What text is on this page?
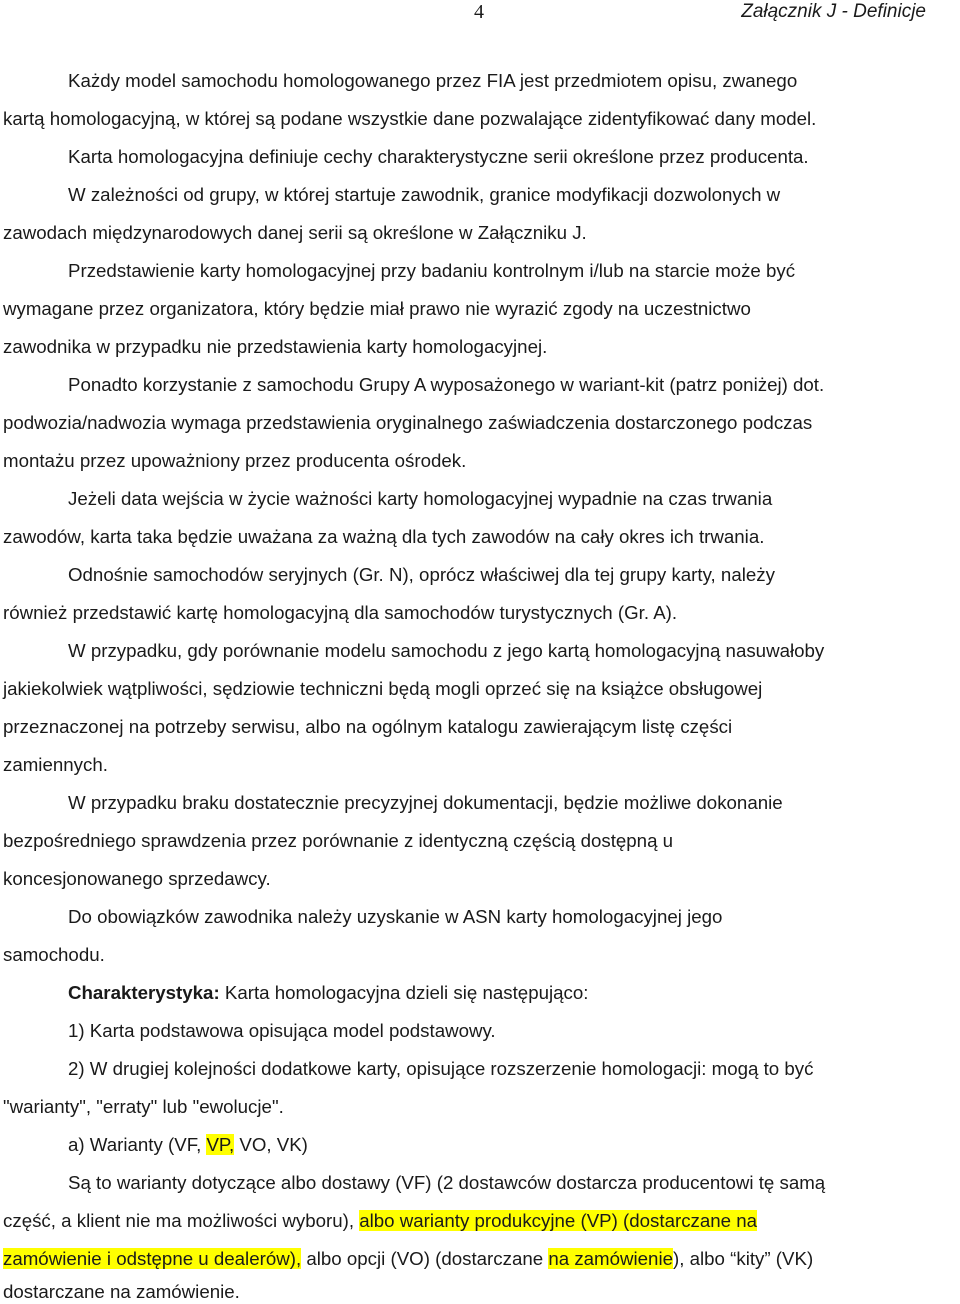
4	Załącznik J - Definicje
Każdy model samochodu homologowanego przez FIA jest przedmiotem opisu, zwanego
kartą homologacyjną, w której są podane wszystkie dane pozwalające zidentyfikować dany model.
Karta homologacyjna definiuje cechy charakterystyczne serii określone przez producenta.
W zależności od grupy, w której startuje zawodnik, granice modyfikacji dozwolonych w
zawodach międzynarodowych danej serii są określone w Załączniku J.
Przedstawienie karty homologacyjnej przy badaniu kontrolnym i/lub na starcie może być
wymagane przez organizatora, który będzie miał prawo nie wyrazić zgody na uczestnictwo
zawodnika w przypadku nie przedstawienia karty homologacyjnej.
Ponadto korzystanie z samochodu Grupy A wyposażonego w wariant-kit (patrz poniżej) dot.
podwozia/nadwozia wymaga przedstawienia oryginalnego zaświadczenia dostarczonego podczas
montażu przez upoważniony przez producenta ośrodek.
Jeżeli data wejścia w życie ważności karty homologacyjnej wypadnie na czas trwania
zawodów, karta taka będzie uważana za ważną dla tych zawodów na cały okres ich trwania.
Odnośnie samochodów seryjnych (Gr. N), oprócz właściwej dla tej grupy karty, należy
również przedstawić kartę homologacyjną dla samochodów turystycznych (Gr. A).
W przypadku, gdy porównanie modelu samochodu z jego kartą homologacyjną nasuwałoby
jakiekolwiek wątpliwości, sędziowie techniczni będą mogli oprzeć się na książce obsługowej
przeznaczonej na potrzeby serwisu, albo na ogólnym katalogu zawierającym listę części
zamiennych.
W przypadku braku dostatecznie precyzyjnej dokumentacji, będzie możliwe dokonanie
bezpośredniego sprawdzenia przez porównanie z identyczną częścią dostępną u
koncesjonowanego sprzedawcy.
Do obowiązków zawodnika należy uzyskanie w ASN karty homologacyjnej jego
samochodu.
Charakterystyka: Karta homologacyjna dzieli się następująco:
1) Karta podstawowa opisująca model podstawowy.
2) W drugiej kolejności dodatkowe karty, opisujące rozszerzenie homologacji: mogą to być
"warianty", "erraty" lub "ewolucje".
a) Warianty (VF, VP, VO, VK)
Są to warianty dotyczące albo dostawy (VF) (2 dostawców dostarcza producentowi tę samą
część, a klient nie ma możliwości wyboru), albo warianty produkcyjne (VP) (dostarczane na
zamówienie i odstępne u dealerów), albo opcji (VO) (dostarczane na zamówienie), albo “kity” (VK)
dostarczane na zamówienie.
